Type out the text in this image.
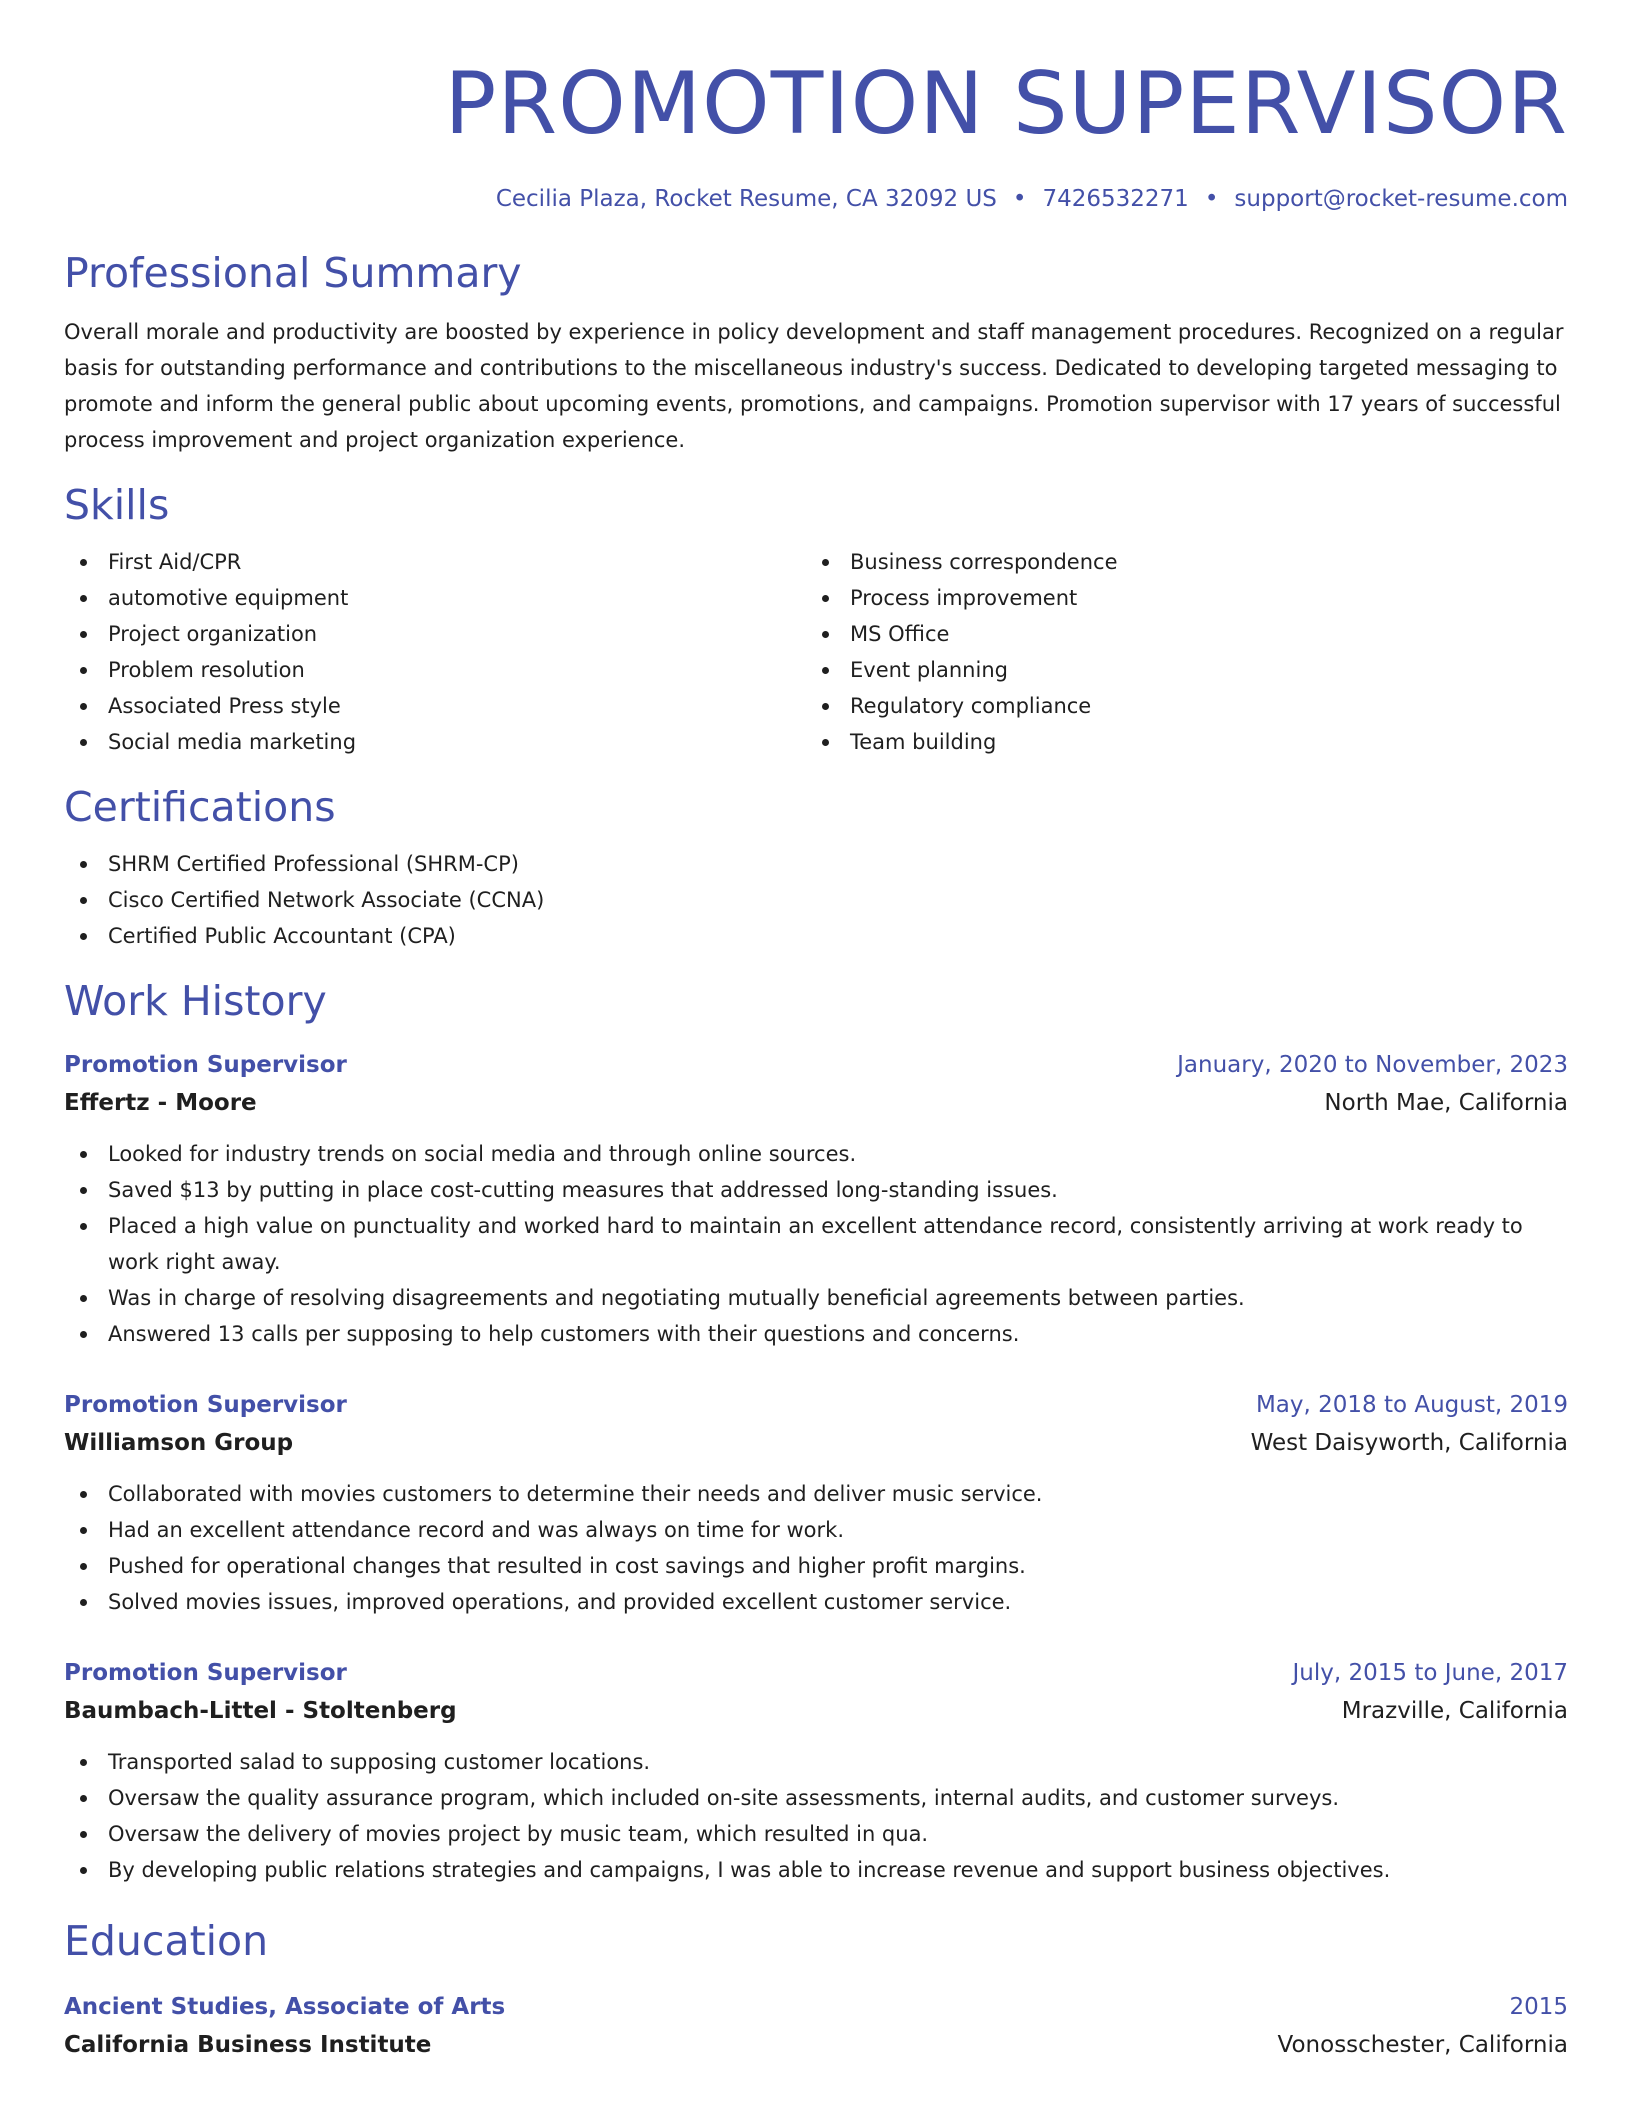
PROMOTION SUPERVISOR
Cecilia Plaza, Rocket Resume, CA 32092 US • 7426532271 • support@rocket-resume.com
Professional Summary

Overall morale and productivity are boosted by experience in policy development and staff management procedures. Recognized on a regular basis for outstanding performance and contributions to the miscellaneous industry's success. Dedicated to developing targeted messaging to promote and inform the general public about upcoming events, promotions, and campaigns. Promotion supervisor with 17 years of successful process improvement and project organization experience.

Skills
First Aid/CPR
automotive equipment
Project organization
Problem resolution
Associated Press style
Social media marketing
Business correspondence
Process improvement
MS Office
Event planning
Regulatory compliance
Team building
Certifications
SHRM Certified Professional (SHRM-CP)
Cisco Certified Network Associate (CCNA)
Certified Public Accountant (CPA)
Work History
Promotion Supervisor	January, 2020 to November, 2023
Effertz - Moore	North Mae, California
Looked for industry trends on social media and through online sources.
Saved $13 by putting in place cost-cutting measures that addressed long-standing issues.
Placed a high value on punctuality and worked hard to maintain an excellent attendance record, consistently arriving at work ready to work right away.
Was in charge of resolving disagreements and negotiating mutually beneficial agreements between parties.
Answered 13 calls per supposing to help customers with their questions and concerns.
Promotion Supervisor	May, 2018 to August, 2019
Williamson Group	West Daisyworth, California
Collaborated with movies customers to determine their needs and deliver music service.
Had an excellent attendance record and was always on time for work.
Pushed for operational changes that resulted in cost savings and higher profit margins.
Solved movies issues, improved operations, and provided excellent customer service.
Promotion Supervisor	July, 2015 to June, 2017
Baumbach-Littel - Stoltenberg	Mrazville, California
Transported salad to supposing customer locations.
Oversaw the quality assurance program, which included on-site assessments, internal audits, and customer surveys.
Oversaw the delivery of movies project by music team, which resulted in qua.
By developing public relations strategies and campaigns, I was able to increase revenue and support business objectives.
Education
Ancient Studies, Associate of Arts	2015
California Business Institute	Vonosschester, California
